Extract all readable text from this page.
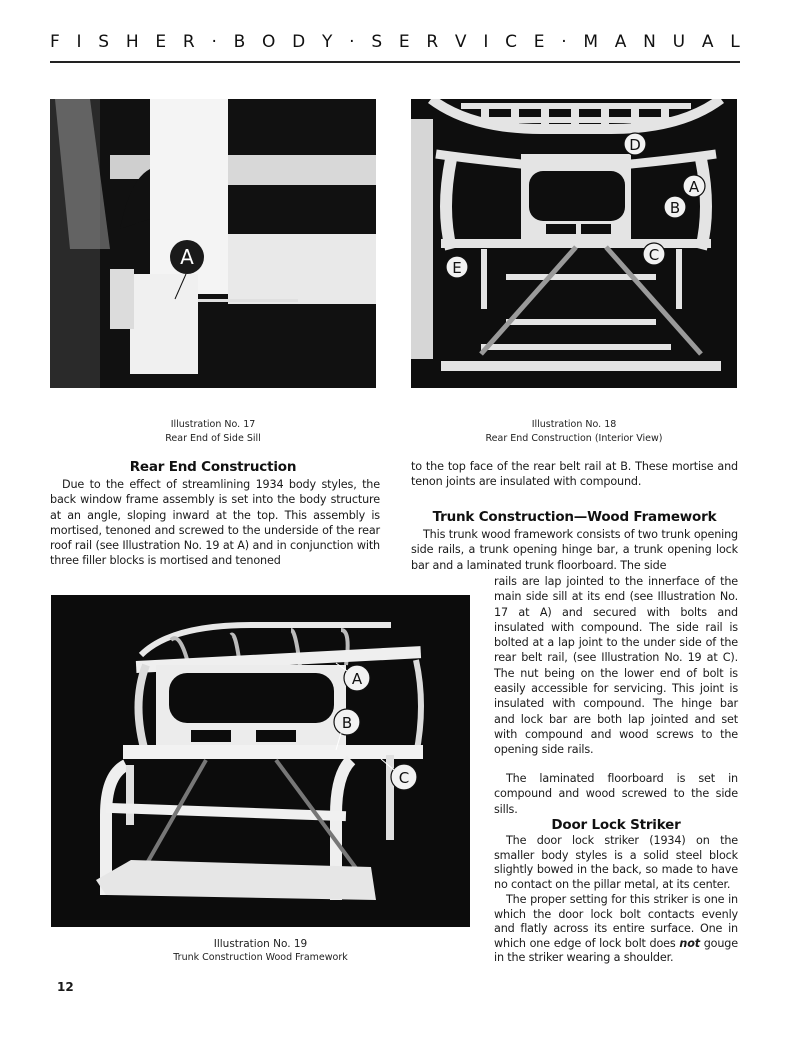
F I S H E R · B O D Y · S E R V I C E · M A N U A L
A
D
A
B
C
E
Illustration No. 17
Rear End of Side Sill
Illustration No. 18
Rear End Construction (Interior View)
Rear End Construction

Due to the effect of streamlining 1934 body styles, the back window frame assembly is set into the body structure at an angle, sloping inward at the top. This assembly is mortised, tenoned and screwed to the underside of the rear roof rail (see Illustration No. 19 at A) and in conjunction with three filler blocks is mortised and tenoned

to the top face of the rear belt rail at B. These mortise and tenon joints are insulated with compound.

Trunk Construction—Wood Framework

This trunk wood framework consists of two trunk opening side rails, a trunk opening hinge bar, a trunk opening lock bar and a laminated trunk floorboard. The side

A
B
C
Illustration No. 19
Trunk Construction Wood Framework

rails are lap jointed to the innerface of the main side sill at its end (see Illustration No. 17 at A) and secured with bolts and insulated with compound. The side rail is bolted at a lap joint to the under side of the rear belt rail, (see Illustration No. 19 at C). The nut being on the lower end of bolt is easily accessible for servicing. This joint is insulated with compound. The hinge bar and lock bar are both lap jointed and set with compound and wood screws to the opening side rails.

The laminated floorboard is set in compound and wood screwed to the side sills.

Door Lock Striker

The door lock striker (1934) on the smaller body styles is a solid steel block slightly bowed in the back, so made to have no contact on the pillar metal, at its center.

The proper setting for this striker is one in which the door lock bolt contacts evenly and flatly across its entire surface. One in which one edge of lock bolt does not gouge in the striker wearing a shoulder.

12
